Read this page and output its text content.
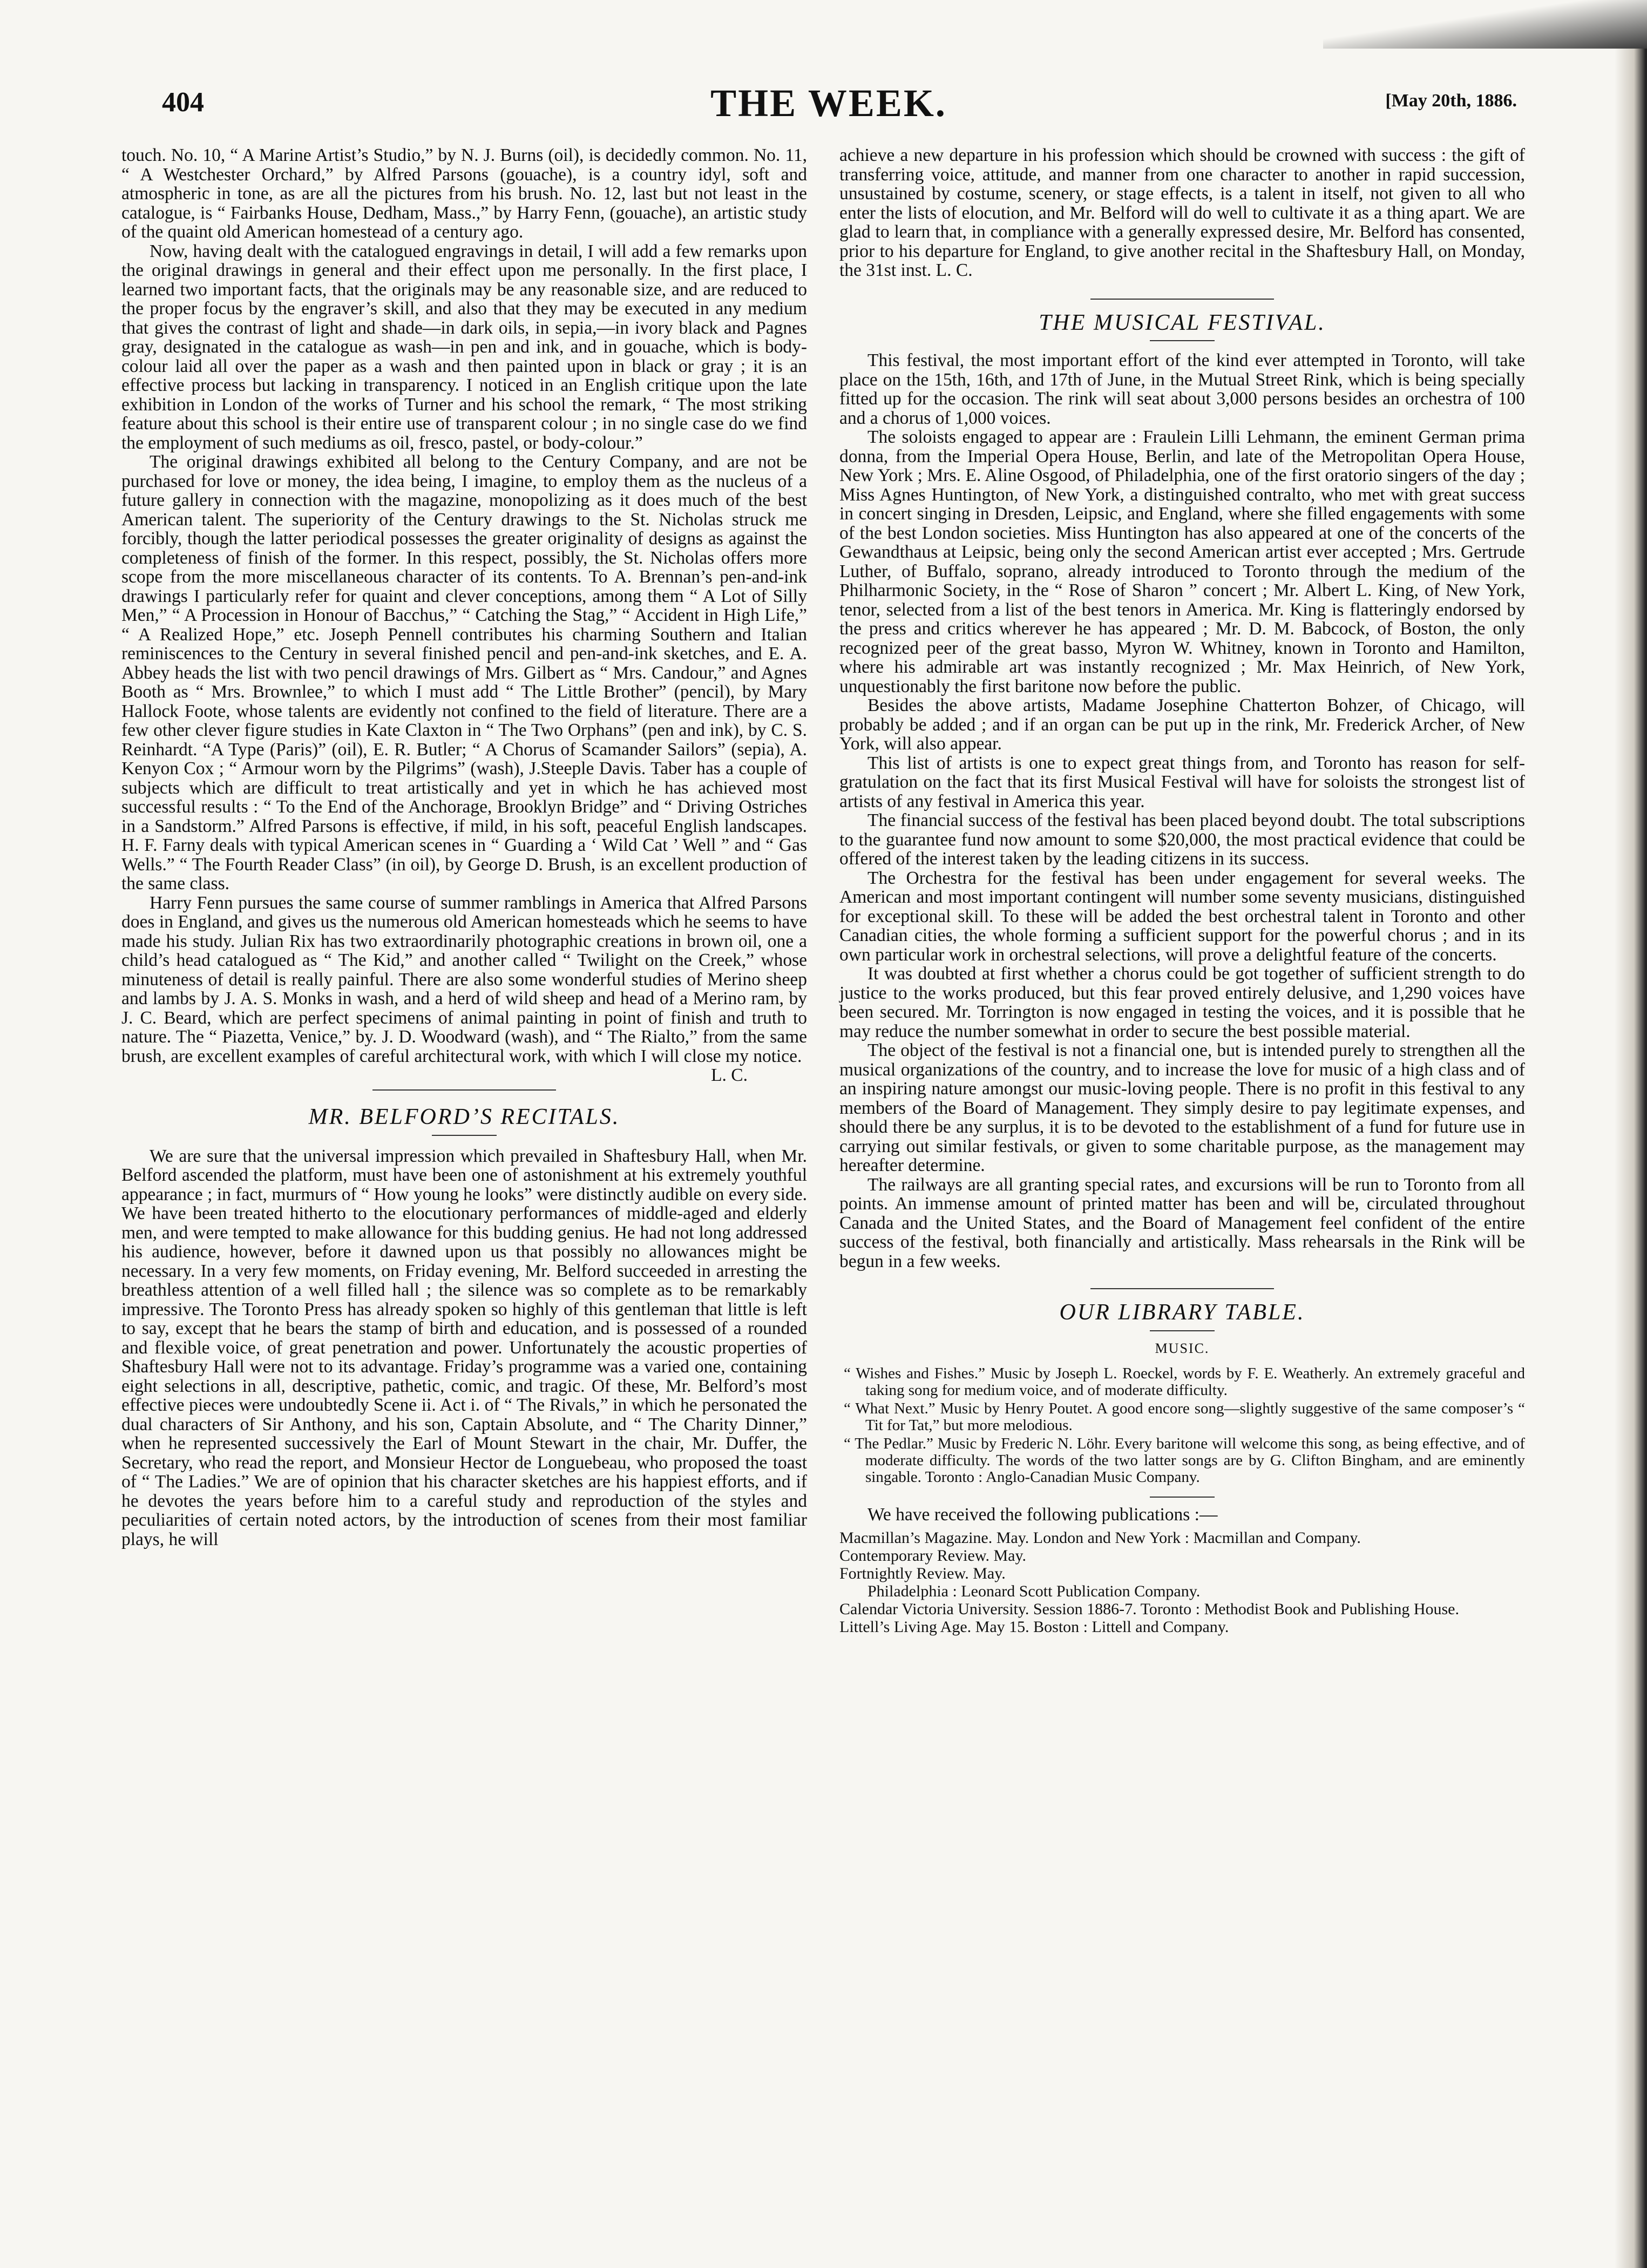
404	THE WEEK.	[May 20th, 1886.

touch. No. 10, “ A Marine Artist’s Studio,” by N. J. Burns (oil), is decidedly common. No. 11, “ A Westchester Orchard,” by Alfred Parsons (gouache), is a country idyl, soft and atmospheric in tone, as are all the pictures from his brush. No. 12, last but not least in the catalogue, is “ Fairbanks House, Dedham, Mass.,” by Harry Fenn, (gouache), an artistic study of the quaint old American homestead of a century ago.

Now, having dealt with the catalogued engravings in detail, I will add a few remarks upon the original drawings in general and their effect upon me personally. In the first place, I learned two important facts, that the originals may be any reasonable size, and are reduced to the proper focus by the engraver’s skill, and also that they may be executed in any medium that gives the contrast of light and shade—in dark oils, in sepia,—in ivory black and Pagnes gray, designated in the catalogue as wash—in pen and ink, and in gouache, which is body-colour laid all over the paper as a wash and then painted upon in black or gray ; it is an effective process but lacking in transparency. I noticed in an English critique upon the late exhibition in London of the works of Turner and his school the remark, “ The most striking feature about this school is their entire use of transparent colour ; in no single case do we find the employment of such mediums as oil, fresco, pastel, or body-colour.”

The original drawings exhibited all belong to the Century Company, and are not be purchased for love or money, the idea being, I imagine, to employ them as the nucleus of a future gallery in connection with the magazine, monopolizing as it does much of the best American talent. The superiority of the Century drawings to the St. Nicholas struck me forcibly, though the latter periodical possesses the greater originality of designs as against the completeness of finish of the former. In this respect, possibly, the St. Nicholas offers more scope from the more miscellaneous character of its contents. To A. Brennan’s pen-and-ink drawings I particularly refer for quaint and clever conceptions, among them “ A Lot of Silly Men,” “ A Procession in Honour of Bacchus,” “ Catching the Stag,” “ Accident in High Life,” “ A Realized Hope,” etc. Joseph Pennell contributes his charming Southern and Italian reminiscences to the Century in several finished pencil and pen-and-ink sketches, and E. A. Abbey heads the list with two pencil drawings of Mrs. Gilbert as “ Mrs. Candour,” and Agnes Booth as “ Mrs. Brownlee,” to which I must add “ The Little Brother” (pencil), by Mary Hallock Foote, whose talents are evidently not confined to the field of literature. There are a few other clever figure studies in Kate Claxton in “ The Two Orphans” (pen and ink), by C. S. Reinhardt. “A Type (Paris)” (oil), E. R. Butler; “ A Chorus of Scamander Sailors” (sepia), A. Kenyon Cox ; “ Armour worn by the Pilgrims” (wash), J.Steeple Davis. Taber has a couple of subjects which are difficult to treat artistically and yet in which he has achieved most successful results : “ To the End of the Anchorage, Brooklyn Bridge” and “ Driving Ostriches in a Sandstorm.” Alfred Parsons is effective, if mild, in his soft, peaceful English landscapes. H. F. Farny deals with typical American scenes in “ Guarding a ‘ Wild Cat ’ Well ” and “ Gas Wells.” “ The Fourth Reader Class” (in oil), by George D. Brush, is an excellent production of the same class.

Harry Fenn pursues the same course of summer ramblings in America that Alfred Parsons does in England, and gives us the numerous old American homesteads which he seems to have made his study. Julian Rix has two extraordinarily photographic creations in brown oil, one a child’s head catalogued as “ The Kid,” and another called “ Twilight on the Creek,” whose minuteness of detail is really painful. There are also some wonderful studies of Merino sheep and lambs by J. A. S. Monks in wash, and a herd of wild sheep and head of a Merino ram, by J. C. Beard, which are perfect specimens of animal painting in point of finish and truth to nature. The “ Piazetta, Venice,” by. J. D. Woodward (wash), and “ The Rialto,” from the same brush, are excellent examples of careful architectural work, with which I will close my notice.
L. C.

MR. BELFORD’S RECITALS.

We are sure that the universal impression which prevailed in Shaftesbury Hall, when Mr. Belford ascended the platform, must have been one of astonishment at his extremely youthful appearance ; in fact, murmurs of “ How young he looks” were distinctly audible on every side. We have been treated hitherto to the elocutionary performances of middle-aged and elderly men, and were tempted to make allowance for this budding genius. He had not long addressed his audience, however, before it dawned upon us that possibly no allowances might be necessary. In a very few moments, on Friday evening, Mr. Belford succeeded in arresting the breathless attention of a well filled hall ; the silence was so complete as to be remarkably impressive. The Toronto Press has already spoken so highly of this gentleman that little is left to say, except that he bears the stamp of birth and education, and is possessed of a rounded and flexible voice, of great penetration and power. Unfortunately the acoustic properties of Shaftesbury Hall were not to its advantage. Friday’s programme was a varied one, containing eight selections in all, descriptive, pathetic, comic, and tragic. Of these, Mr. Belford’s most effective pieces were undoubtedly Scene ii. Act i. of “ The Rivals,” in which he personated the dual characters of Sir Anthony, and his son, Captain Absolute, and “ The Charity Dinner,” when he represented successively the Earl of Mount Stewart in the chair, Mr. Duffer, the Secretary, who read the report, and Monsieur Hector de Longuebeau, who proposed the toast of “ The Ladies.” We are of opinion that his character sketches are his happiest efforts, and if he devotes the years before him to a careful study and reproduction of the styles and peculiarities of certain noted actors, by the introduction of scenes from their most familiar plays, he will

achieve a new departure in his profession which should be crowned with success : the gift of transferring voice, attitude, and manner from one character to another in rapid succession, unsustained by costume, scenery, or stage effects, is a talent in itself, not given to all who enter the lists of elocution, and Mr. Belford will do well to cultivate it as a thing apart. We are glad to learn that, in compliance with a generally expressed desire, Mr. Belford has consented, prior to his departure for England, to give another recital in the Shaftesbury Hall, on Monday, the 31st inst. L. C.

THE MUSICAL FESTIVAL.

This festival, the most important effort of the kind ever attempted in Toronto, will take place on the 15th, 16th, and 17th of June, in the Mutual Street Rink, which is being specially fitted up for the occasion. The rink will seat about 3,000 persons besides an orchestra of 100 and a chorus of 1,000 voices.

The soloists engaged to appear are : Fraulein Lilli Lehmann, the eminent German prima donna, from the Imperial Opera House, Berlin, and late of the Metropolitan Opera House, New York ; Mrs. E. Aline Osgood, of Philadelphia, one of the first oratorio singers of the day ; Miss Agnes Huntington, of New York, a distinguished contralto, who met with great success in concert singing in Dresden, Leipsic, and England, where she filled engagements with some of the best London societies. Miss Huntington has also appeared at one of the concerts of the Gewandthaus at Leipsic, being only the second American artist ever accepted ; Mrs. Gertrude Luther, of Buffalo, soprano, already introduced to Toronto through the medium of the Philharmonic Society, in the “ Rose of Sharon ” concert ; Mr. Albert L. King, of New York, tenor, selected from a list of the best tenors in America. Mr. King is flatteringly endorsed by the press and critics wherever he has appeared ; Mr. D. M. Babcock, of Boston, the only recognized peer of the great basso, Myron W. Whitney, known in Toronto and Hamilton, where his admirable art was instantly recognized ; Mr. Max Heinrich, of New York, unquestionably the first baritone now before the public.

Besides the above artists, Madame Josephine Chatterton Bohzer, of Chicago, will probably be added ; and if an organ can be put up in the rink, Mr. Frederick Archer, of New York, will also appear.

This list of artists is one to expect great things from, and Toronto has reason for self-gratulation on the fact that its first Musical Festival will have for soloists the strongest list of artists of any festival in America this year.

The financial success of the festival has been placed beyond doubt. The total subscriptions to the guarantee fund now amount to some $20,000, the most practical evidence that could be offered of the interest taken by the leading citizens in its success.

The Orchestra for the festival has been under engagement for several weeks. The American and most important contingent will number some seventy musicians, distinguished for exceptional skill. To these will be added the best orchestral talent in Toronto and other Canadian cities, the whole forming a sufficient support for the powerful chorus ; and in its own particular work in orchestral selections, will prove a delightful feature of the concerts.

It was doubted at first whether a chorus could be got together of sufficient strength to do justice to the works produced, but this fear proved entirely delusive, and 1,290 voices have been secured. Mr. Torrington is now engaged in testing the voices, and it is possible that he may reduce the number somewhat in order to secure the best possible material.

The object of the festival is not a financial one, but is intended purely to strengthen all the musical organizations of the country, and to increase the love for music of a high class and of an inspiring nature amongst our music-loving people. There is no profit in this festival to any members of the Board of Management. They simply desire to pay legitimate expenses, and should there be any surplus, it is to be devoted to the establishment of a fund for future use in carrying out similar festivals, or given to some charitable purpose, as the management may hereafter determine.

The railways are all granting special rates, and excursions will be run to Toronto from all points. An immense amount of printed matter has been and will be, circulated throughout Canada and the United States, and the Board of Management feel confident of the entire success of the festival, both financially and artistically. Mass rehearsals in the Rink will be begun in a few weeks.

OUR LIBRARY TABLE.
MUSIC.
“ Wishes and Fishes.” Music by Joseph L. Roeckel, words by F. E. Weatherly. An extremely graceful and taking song for medium voice, and of moderate difficulty.
“ What Next.” Music by Henry Poutet. A good encore song—slightly suggestive of the same composer’s “ Tit for Tat,” but more melodious.
“ The Pedlar.” Music by Frederic N. Löhr. Every baritone will welcome this song, as being effective, and of moderate difficulty. The words of the two latter songs are by G. Clifton Bingham, and are eminently singable. Toronto : Anglo-Canadian Music Company.

We have received the following publications :—

Macmillan’s Magazine. May. London and New York : Macmillan and Company.
Contemporary Review. May.
Fortnightly Review. May.
Philadelphia : Leonard Scott Publication Company.
Calendar Victoria University. Session 1886-7. Toronto : Methodist Book and Publishing House.
Littell’s Living Age. May 15. Boston : Littell and Company.
